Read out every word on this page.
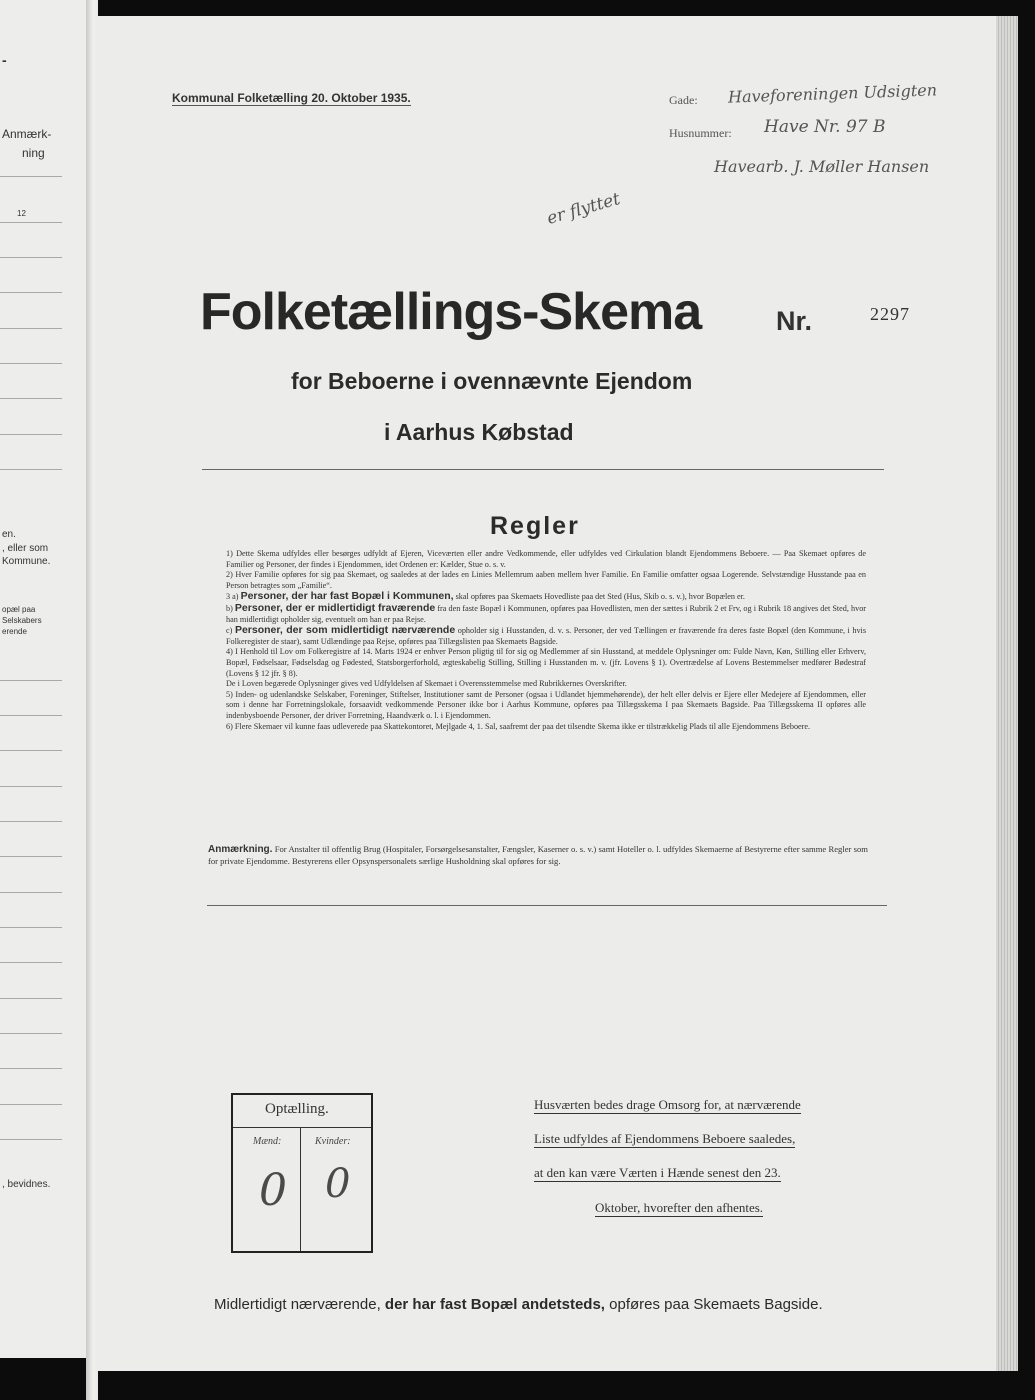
-
Anmærk-
ning
12
en.
, eller som
Kommune.
opæl paa
Selskabers
erende
, bevidnes.
Kommunal Folketælling 20. Oktober 1935.	Gade: Haveforeningen Udsigten
Husnummer: Have Nr. 97 B
Havearb. J. Møller Hansen
er flyttet
Folketællings-Skema	Nr.	2297
for Beboerne i ovennævnte Ejendom
i Aarhus Købstad
Regler

1) Dette Skema udfyldes eller besørges udfyldt af Ejeren, Viceværten eller andre Vedkommende, eller udfyldes ved Cirkulation blandt Ejendommens Beboere. — Paa Skemaet opføres de Familier og Personer, der findes i Ejendommen, idet Ordenen er: Kælder, Stue o. s. v.

2) Hver Familie opføres for sig paa Skemaet, og saaledes at der lades en Linies Mellemrum aaben mellem hver Familie. En Familie omfatter ogsaa Logerende. Selvstændige Husstande paa en Person betragtes som „Familie“.

3 a) Personer, der har fast Bopæl i Kommunen, skal opføres paa Skemaets Hovedliste paa det Sted (Hus, Skib o. s. v.), hvor Bopælen er.

b) Personer, der er midlertidigt fraværende fra den faste Bopæl i Kommunen, opføres paa Hovedlisten, men der sættes i Rubrik 2 et Frv, og i Rubrik 18 angives det Sted, hvor han midlertidigt opholder sig, eventuelt om han er paa Rejse.

c) Personer, der som midlertidigt nærværende opholder sig i Husstanden, d. v. s. Personer, der ved Tællingen er fraværende fra deres faste Bopæl (den Kommune, i hvis Folkeregister de staar), samt Udlændinge paa Rejse, opføres paa Tillægslisten paa Skemaets Bagside.

4) I Henhold til Lov om Folkeregistre af 14. Marts 1924 er enhver Person pligtig til for sig og Medlemmer af sin Husstand, at meddele Oplysninger om: Fulde Navn, Køn, Stilling eller Erhverv, Bopæl, Fødselsaar, Fødselsdag og Fødested, Statsborgerforhold, ægteskabelig Stilling, Stilling i Husstanden m. v. (jfr. Lovens § 1). Overtrædelse af Lovens Bestemmelser medfører Bødestraf (Lovens § 12 jfr. § 8).

De i Loven begærede Oplysninger gives ved Udfyldelsen af Skemaet i Overensstemmelse med Rubrikkernes Overskrifter.

5) Inden- og udenlandske Selskaber, Foreninger, Stiftelser, Institutioner samt de Personer (ogsaa i Udlandet hjemmehørende), der helt eller delvis er Ejere eller Medejere af Ejendommen, eller som i denne har Forretningslokale, forsaavidt vedkommende Personer ikke bor i Aarhus Kommune, opføres paa Tillægsskema I paa Skemaets Bagside. Paa Tillægsskema II opføres alle indenbysboende Personer, der driver Forretning, Haandværk o. l. i Ejendommen.

6) Flere Skemaer vil kunne faas udleverede paa Skattekontoret, Mejlgade 4, 1. Sal, saafremt der paa det tilsendte Skema ikke er tilstrækkelig Plads til alle Ejendommens Beboere.

Anmærkning. For Anstalter til offentlig Brug (Hospitaler, Forsørgelsesanstalter, Fængsler, Kaserner o. s. v.) samt Hoteller o. l. udfyldes Skemaerne af Bestyrerne efter samme Regler som for private Ejendomme. Bestyrerens eller Opsynspersonalets særlige Husholdning skal opføres for sig.
Optælling.
Mænd:	Kvinder:
0 0
Husværten bedes drage Omsorg for, at nærværende
Liste udfyldes af Ejendommens Beboere saaledes,
at den kan være Værten i Hænde senest den 23.
Oktober, hvorefter den afhentes.
Midlertidigt nærværende, der har fast Bopæl andetsteds, opføres paa Skemaets Bagside.
